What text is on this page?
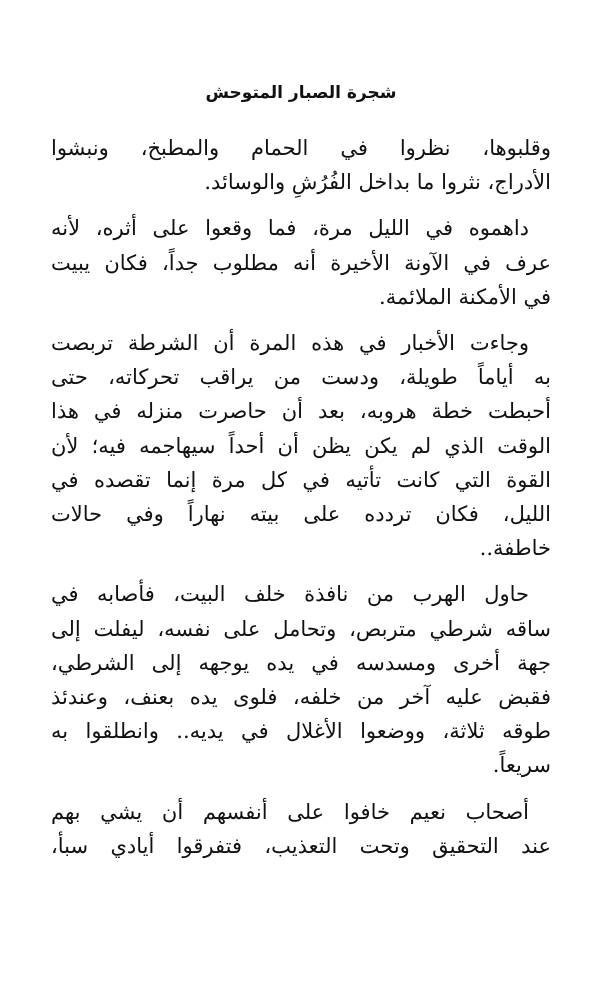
شجرة الصبار المتوحش

وقلبوها، نظروا في الحمام والمطبخ، ونبشوا
الأدراج، نثروا ما بداخل الفُرُشِ والوسائد.

داهموه في الليل مرة، فما وقعوا على أثره، لأنه
عرف في الآونة الأخيرة أنه مطلوب جداً، فكان يبيت
في الأمكنة الملائمة.

وجاءت الأخبار في هذه المرة أن الشرطة تربصت
به أياماً طويلة، ودست من يراقب تحركاته، حتى
أحبطت خطة هروبه، بعد أن حاصرت منزله في هذا
الوقت الذي لم يكن يظن أن أحداً سيهاجمه فيه؛ لأن
القوة التي كانت تأتيه في كل مرة إنما تقصده في
الليل، فكان تردده على بيته نهاراً وفي حالات
خاطفة..

حاول الهرب من نافذة خلف البيت، فأصابه في
ساقه شرطي متربص، وتحامل على نفسه، ليفلت إلى
جهة أخرى ومسدسه في يده يوجهه إلى الشرطي،
فقبض عليه آخر من خلفه، فلوى يده بعنف، وعندئذ
طوقه ثلاثة، ووضعوا الأغلال في يديه.. وانطلقوا به
سريعاً.

أصحاب نعيم خافوا على أنفسهم أن يشي بهم
عند التحقيق وتحت التعذيب، فتفرقوا أيادي سبأ،
